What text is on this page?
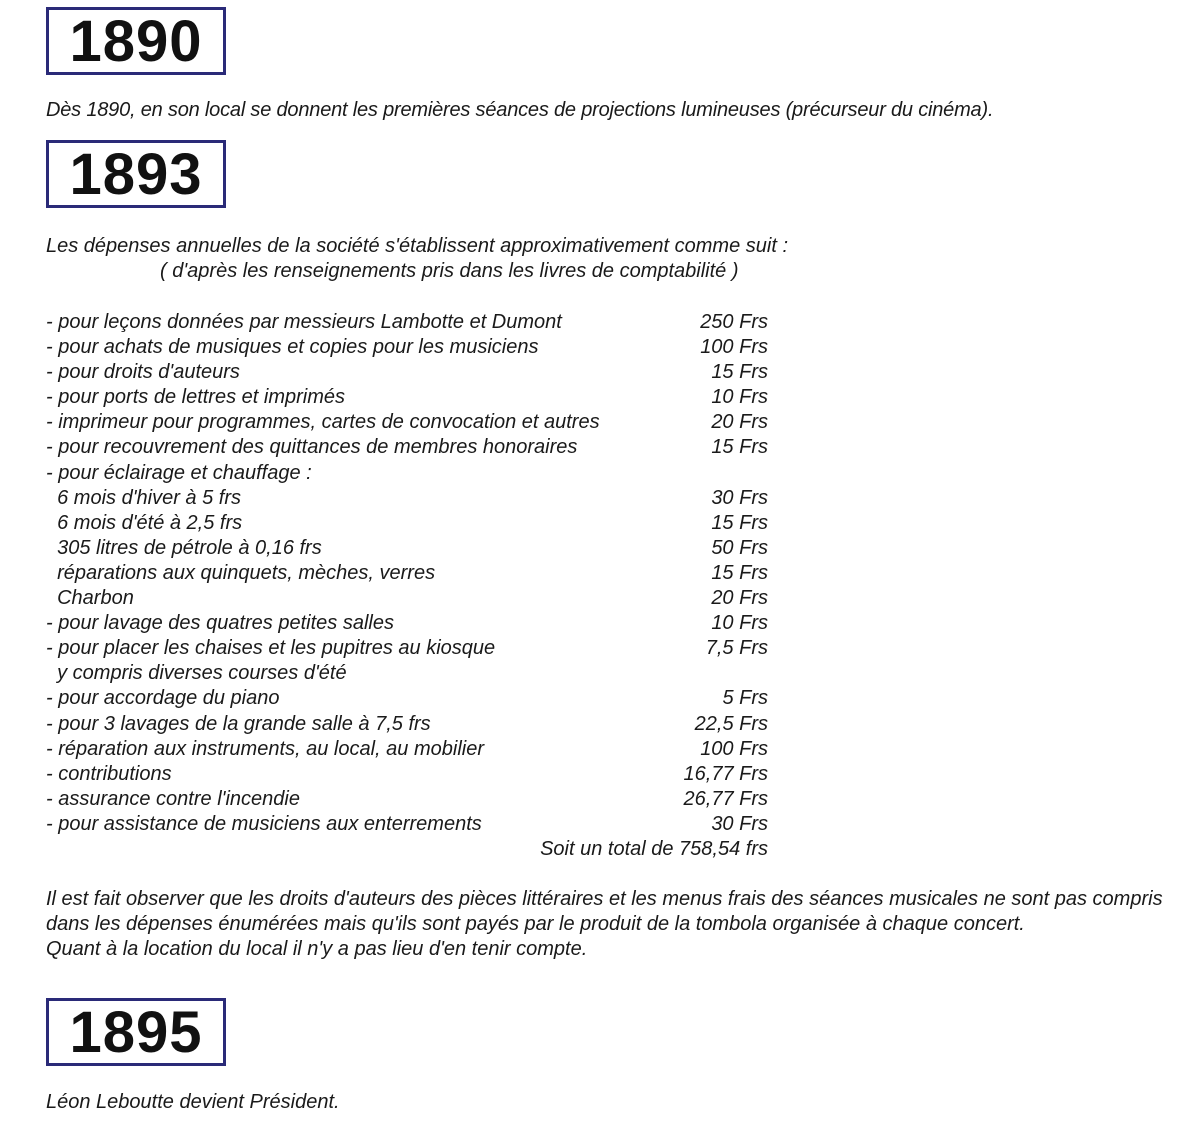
1890
Dès 1890, en son local se donnent les premières séances de projections lumineuses (précurseur du cinéma).
1893
Les dépenses annuelles de la société s'établissent approximativement comme suit :
( d'après les renseignements pris dans les livres de comptabilité )
- pour leçons données par messieurs Lambotte et Dumont	250 Frs
- pour achats de musiques et copies pour les musiciens	100 Frs
- pour droits d'auteurs	15 Frs
- pour ports de lettres et imprimés	10 Frs
- imprimeur pour programmes, cartes de convocation et autres	20 Frs
- pour recouvrement des quittances de membres honoraires	15 Frs
- pour éclairage et chauffage :
6 mois d'hiver à 5 frs	30 Frs
6 mois d'été à 2,5 frs	15 Frs
305 litres de pétrole à 0,16 frs	50 Frs
réparations aux quinquets, mèches, verres	15 Frs
Charbon	20 Frs
- pour lavage des quatres petites salles	10 Frs
- pour placer les chaises et les pupitres au kiosque	7,5 Frs
y compris diverses courses d'été
- pour accordage du piano	5 Frs
- pour 3 lavages de la grande salle à 7,5 frs	22,5 Frs
- réparation aux instruments, au local, au mobilier	100 Frs
- contributions	16,77 Frs
- assurance contre l'incendie	26,77 Frs
- pour assistance de musiciens aux enterrements	30 Frs
Soit un total de 758,54 frs
Il est fait observer que les droits d'auteurs des pièces littéraires et les menus frais des séances musicales ne sont pas compris dans les dépenses énumérées mais qu'ils sont payés par le produit de la tombola organisée à chaque concert.
Quant à la location du local il n'y a pas lieu d'en tenir compte.
1895
Léon Leboutte devient Président.
